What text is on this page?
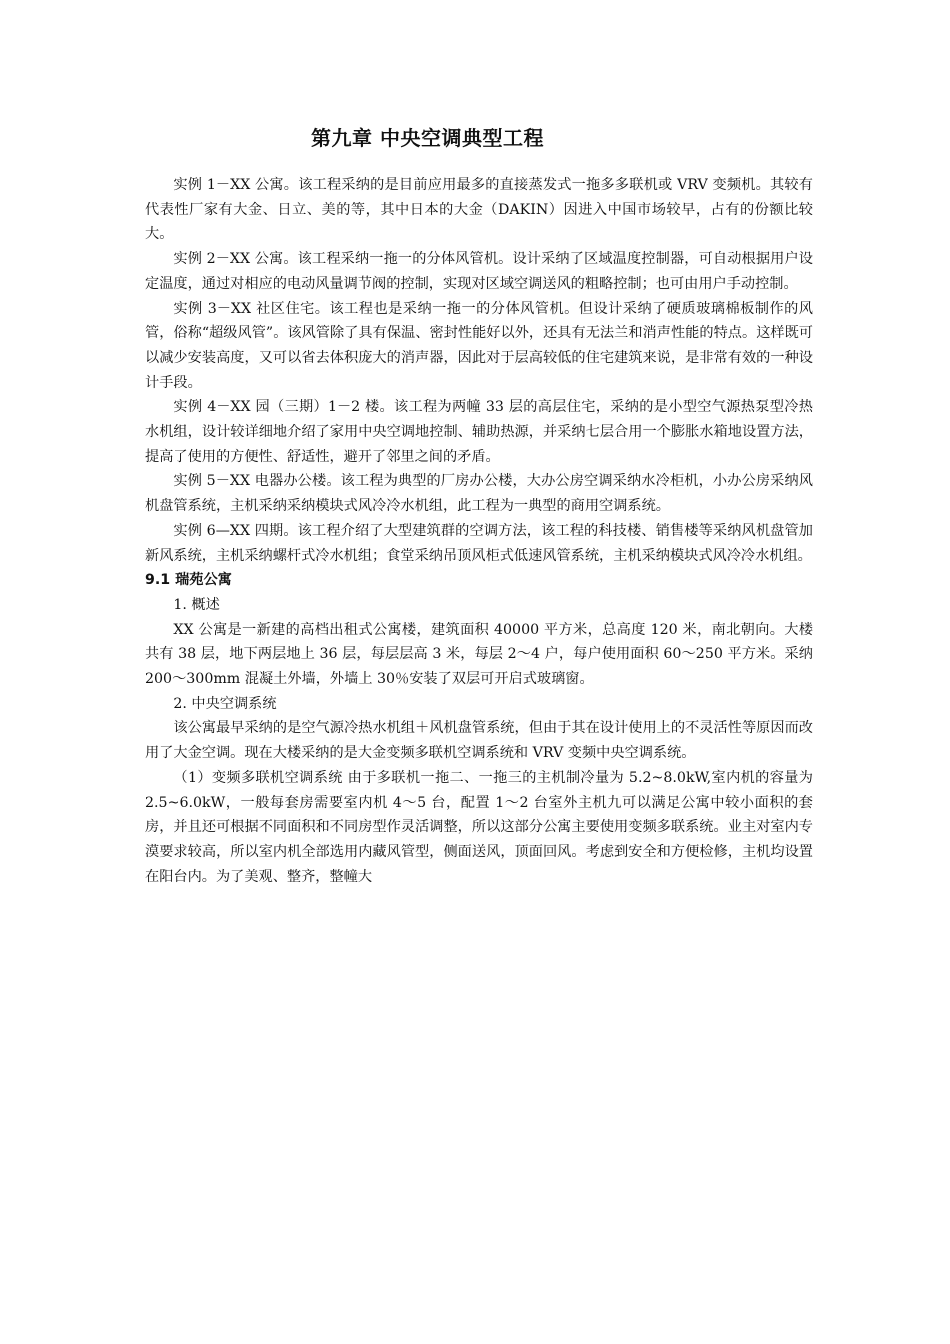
第九章 中央空调典型工程

实例 1－XX 公寓。该工程采纳的是目前应用最多的直接蒸发式一拖多多联机或 VRV 变频机。其较有代表性厂家有大金、日立、美的等，其中日本的大金（DAKIN）因进入中国市场较早，占有的份额比较大。

实例 2－XX 公寓。该工程采纳一拖一的分体风管机。设计采纳了区域温度控制器，可自动根据用户设定温度，通过对相应的电动风量调节阀的控制，实现对区域空调送风的粗略控制；也可由用户手动控制。

实例 3－XX 社区住宅。该工程也是采纳一拖一的分体风管机。但设计采纳了硬质玻璃棉板制作的风管，俗称“超级风管”。该风管除了具有保温、密封性能好以外，还具有无法兰和消声性能的特点。这样既可以减少安装高度，又可以省去体积庞大的消声器，因此对于层高较低的住宅建筑来说，是非常有效的一种设计手段。

实例 4－XX 园（三期）1－2 楼。该工程为两幢 33 层的高层住宅，采纳的是小型空气源热泵型冷热水机组，设计较详细地介绍了家用中央空调地控制、辅助热源，并采纳七层合用一个膨胀水箱地设置方法，提高了使用的方便性、舒适性，避开了邻里之间的矛盾。

实例 5－XX 电器办公楼。该工程为典型的厂房办公楼，大办公房空调采纳水冷柜机，小办公房采纳风机盘管系统，主机采纳采纳模块式风冷冷水机组，此工程为一典型的商用空调系统。

实例 6—XX 四期。该工程介绍了大型建筑群的空调方法，该工程的科技楼、销售楼等采纳风机盘管加新风系统，主机采纳螺杆式冷水机组；食堂采纳吊顶风柜式低速风管系统，主机采纳模块式风冷冷水机组。

9.1 瑞苑公寓

1. 概述

XX 公寓是一新建的高档出租式公寓楼，建筑面积 40000 平方米，总高度 120 米，南北朝向。大楼共有 38 层，地下两层地上 36 层，每层层高 3 米，每层 2～4 户，每户使用面积 60～250 平方米。采纳 200～300mm 混凝土外墙，外墙上 30％安装了双层可开启式玻璃窗。

2. 中央空调系统

该公寓最早采纳的是空气源冷热水机组＋风机盘管系统，但由于其在设计使用上的不灵活性等原因而改用了大金空调。现在大楼采纳的是大金变频多联机空调系统和 VRV 变频中央空调系统。

（1）变频多联机空调系统 由于多联机一拖二、一拖三的主机制冷量为 5.2~8.0kW,室内机的容量为 2.5~6.0kW，一般每套房需要室内机 4～5 台，配置 1～2 台室外主机九可以满足公寓中较小面积的套房，并且还可根据不同面积和不同房型作灵活调整，所以这部分公寓主要使用变频多联系统。业主对室内专漠要求较高，所以室内机全部选用内藏风管型，侧面送风，顶面回风。考虑到安全和方便检修，主机均设置在阳台内。为了美观、整齐，整幢大
